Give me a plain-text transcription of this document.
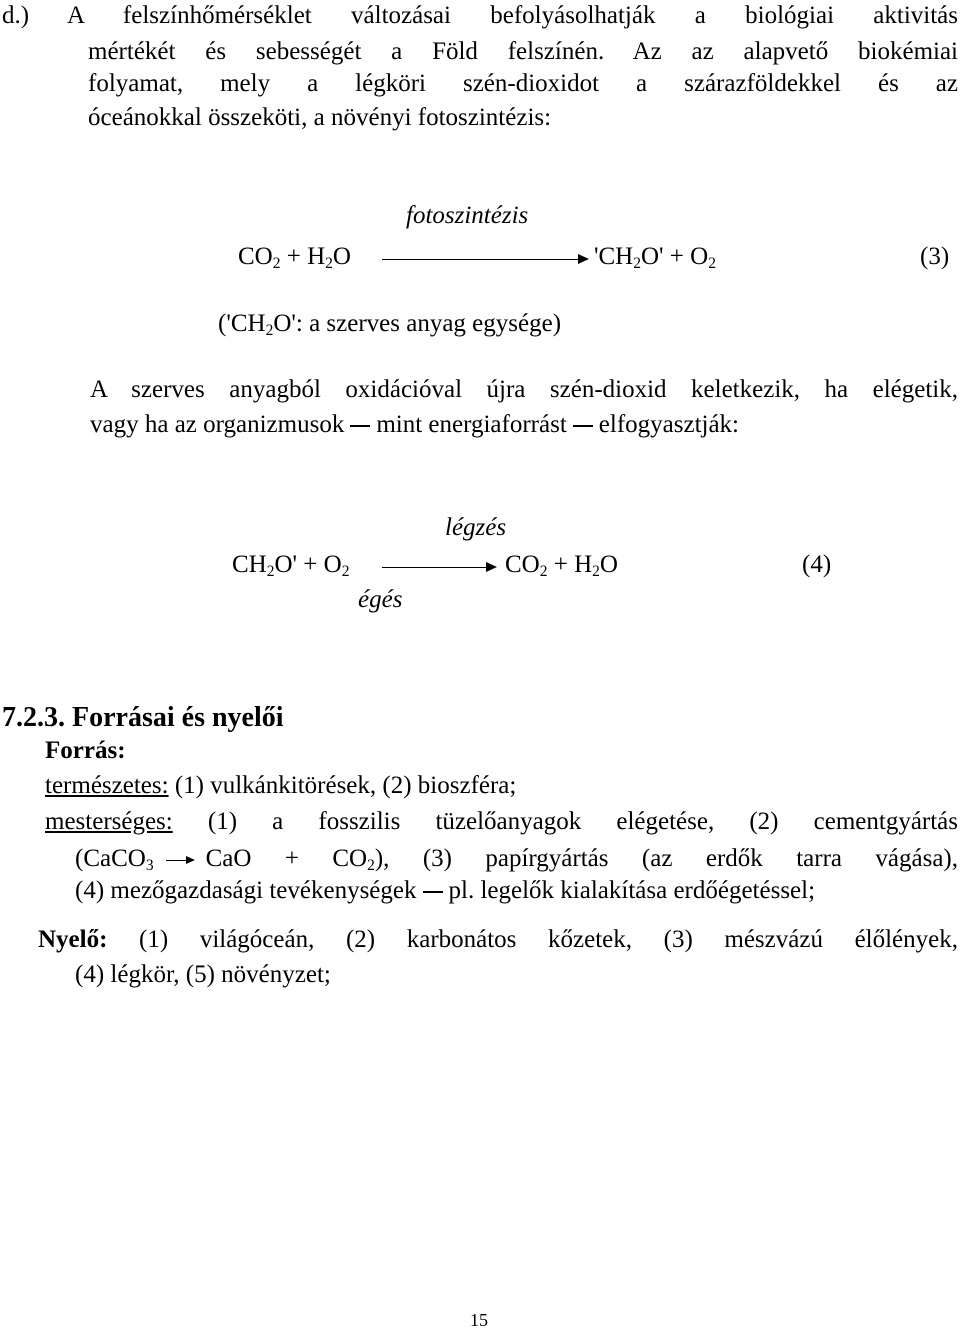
d.) A felszínhőmérséklet változásai befolyásolhatják a biológiai aktivitás
mértékét és sebességét a Föld felszínén. Az az alapvető biokémiai
folyamat, mely a légköri szén-dioxidot a szárazföldekkel és az
óceánokkal összeköti, a növényi fotoszintézis:
fotoszintézis
$CO_2 + H_2O$	'$CH_2O' + O_2$	(3)
('$CH_2O$': a szerves anyag egysége)
A szerves anyagból oxidációval újra szén-dioxid keletkezik, ha elégetik,
vagy ha az organizmusok mint energiaforrást elfogyasztják:
légzés
$CH_2O' + O_2$	$CO_2 + H_2O$	(4)
égés
7.2.3. Forrásai és nyelői
Forrás:
természetes: (1) vulkánkitörések, (2) bioszféra;
mesterséges: (1) a fosszilis tüzelőanyagok elégetése, (2) cementgyártás
(CaCO$_3$ → CaO + $CO_2$), (3) papírgyártás (az erdők tarra vágása),
(4) mezőgazdasági tevékenységek pl. legelők kialakítása erdőégetéssel;
Nyelő: (1) világóceán, (2) karbonátos kőzetek, (3) mészvázú élőlények,
(4) légkör, (5) növényzet;
15
